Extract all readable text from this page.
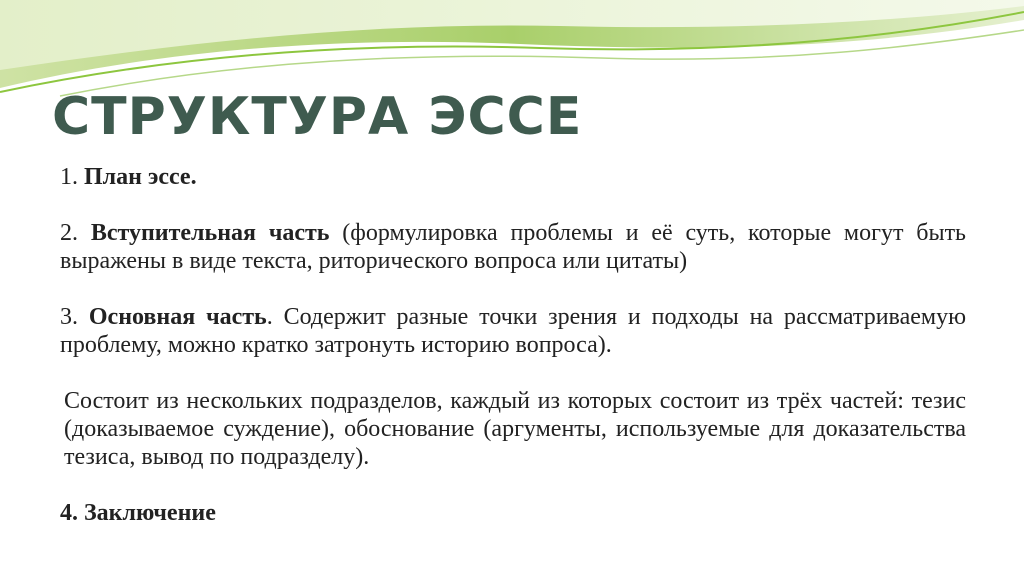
СТРУКТУРА ЭССЕ

1. План эссе.

2. Вступительная часть (формулировка проблемы и её суть, которые могут быть выражены в виде текста, риторического вопроса или цитаты)

3. Основная часть. Содержит разные точки зрения и подходы на рассматриваемую проблему, можно кратко затронуть историю вопроса).

Состоит из нескольких подразделов, каждый из которых состоит из трёх частей: тезис (доказываемое суждение), обоснование (аргументы, используемые для доказательства тезиса, вывод по подразделу).

4. Заключение
